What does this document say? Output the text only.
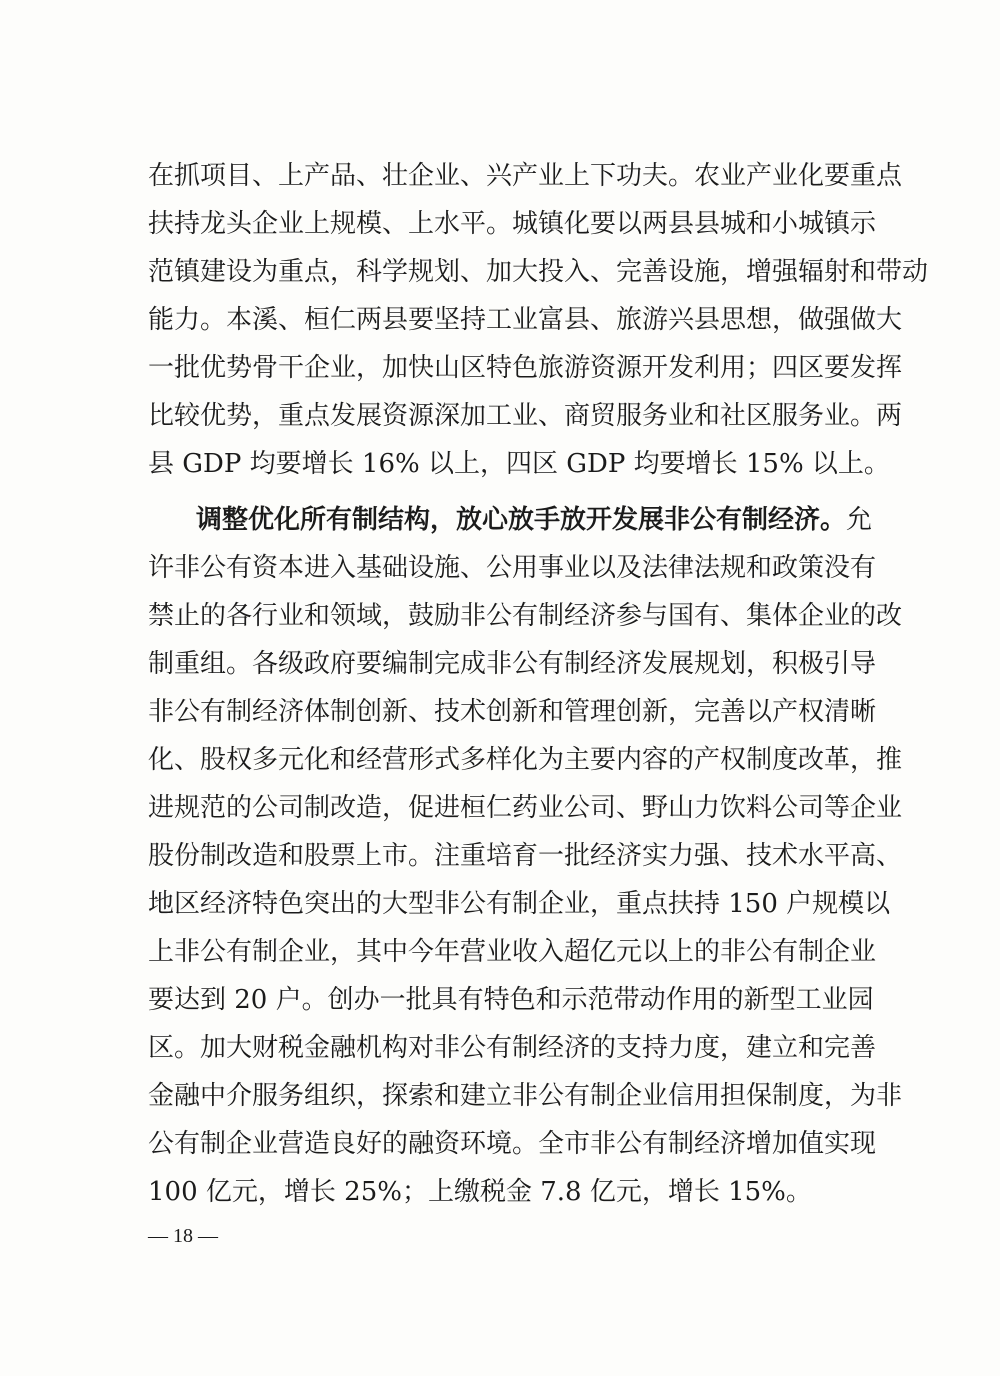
在抓项目、上产品、壮企业、兴产业上下功夫。农业产业化要重点
扶持龙头企业上规模、上水平。城镇化要以两县县城和小城镇示
范镇建设为重点，科学规划、加大投入、完善设施，增强辐射和带动
能力。本溪、桓仁两县要坚持工业富县、旅游兴县思想，做强做大
一批优势骨干企业，加快山区特色旅游资源开发利用；四区要发挥
比较优势，重点发展资源深加工业、商贸服务业和社区服务业。两
县 GDP 均要增长 16% 以上，四区 GDP 均要增长 15% 以上。
调整优化所有制结构，放心放手放开发展非公有制经济。允
许非公有资本进入基础设施、公用事业以及法律法规和政策没有
禁止的各行业和领域，鼓励非公有制经济参与国有、集体企业的改
制重组。各级政府要编制完成非公有制经济发展规划，积极引导
非公有制经济体制创新、技术创新和管理创新，完善以产权清晰
化、股权多元化和经营形式多样化为主要内容的产权制度改革，推
进规范的公司制改造，促进桓仁药业公司、野山力饮料公司等企业
股份制改造和股票上市。注重培育一批经济实力强、技术水平高、
地区经济特色突出的大型非公有制企业，重点扶持 150 户规模以
上非公有制企业，其中今年营业收入超亿元以上的非公有制企业
要达到 20 户。创办一批具有特色和示范带动作用的新型工业园
区。加大财税金融机构对非公有制经济的支持力度，建立和完善
金融中介服务组织，探索和建立非公有制企业信用担保制度，为非
公有制企业营造良好的融资环境。全市非公有制经济增加值实现
100 亿元，增长 25%；上缴税金 7.8 亿元，增长 15%。
— 18 —
